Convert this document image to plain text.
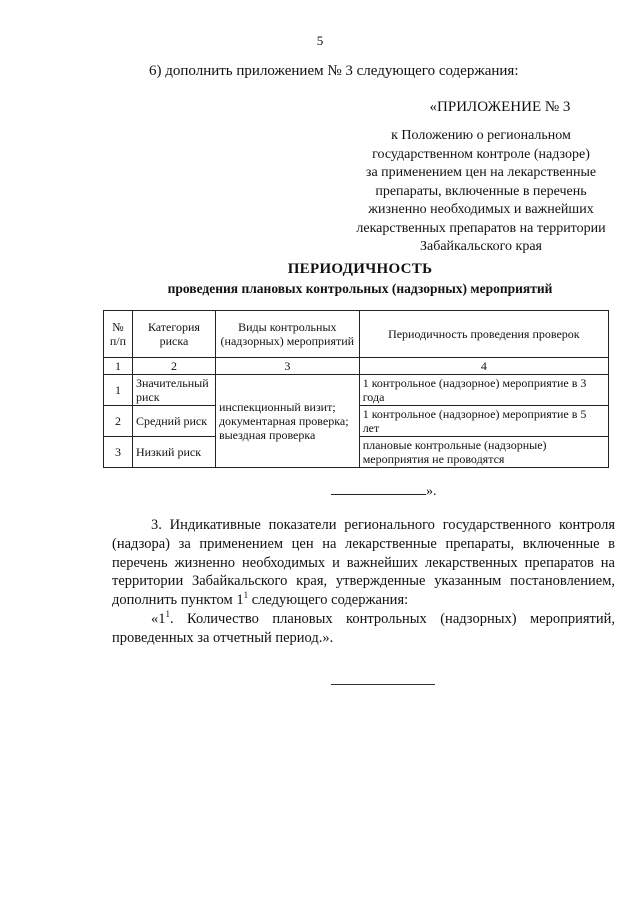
5
6) дополнить приложением № 3 следующего содержания:
«ПРИЛОЖЕНИЕ № 3
к Положению о региональном
государственном контроле (надзоре)
за применением цен на лекарственные
препараты, включенные в перечень
жизненно необходимых и важнейших
лекарственных препаратов на территории
Забайкальского края
ПЕРИОДИЧНОСТЬ
проведения плановых контрольных (надзорных) мероприятий
№ п/п	Категория риска	Виды контрольных (надзорных) мероприятий	Периодичность проведения проверок
1	2	3	4
1	Значительный риск	инспекционный визит; документарная проверка; выездная проверка	1 контрольное (надзорное) мероприятие в 3 года
2	Средний риск		1 контрольное (надзорное) мероприятие в 5 лет
3	Низкий риск		плановые контрольные (надзорные) мероприятия не проводятся
».

3. Индикативные показатели регионального государственного контроля (надзора) за применением цен на лекарственные препараты, включенные в перечень жизненно необходимых и важнейших лекарственных препаратов на территории Забайкальского края, утвержденные указанным постановлением, дополнить пунктом $1^1$ следующего содержания:

«$1^1$. Количество плановых контрольных (надзорных) мероприятий, проведенных за отчетный период.».
